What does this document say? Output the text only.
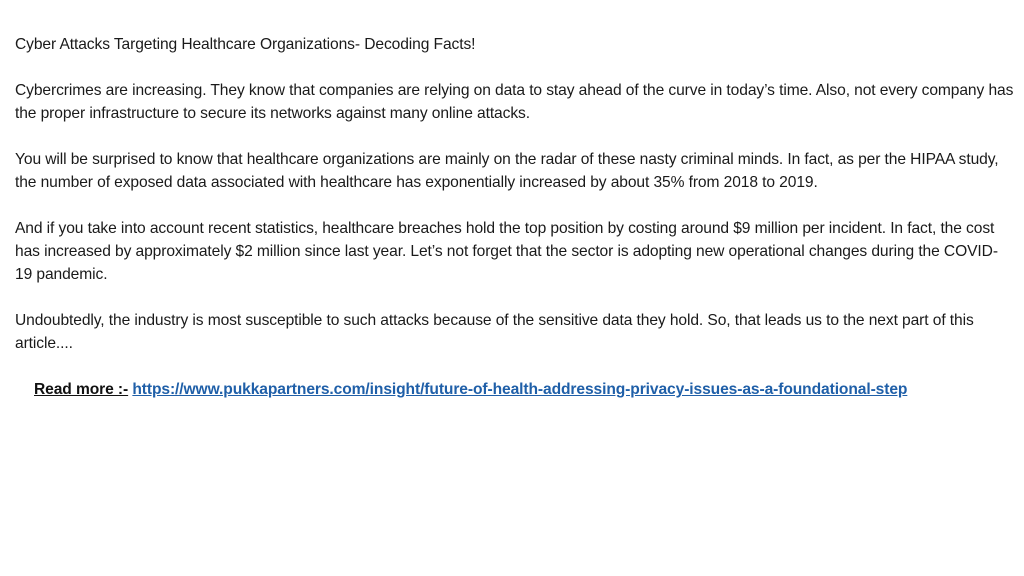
Cyber Attacks Targeting Healthcare Organizations- Decoding Facts!

Cybercrimes are increasing. They know that companies are relying on data to stay ahead of the curve in today’s time. Also, not every company has the proper infrastructure to secure its networks against many online attacks.

You will be surprised to know that healthcare organizations are mainly on the radar of these nasty criminal minds. In fact, as per the HIPAA study, the number of exposed data associated with healthcare has exponentially increased by about 35% from 2018 to 2019.

And if you take into account recent statistics, healthcare breaches hold the top position by costing around $9 million per incident. In fact, the cost has increased by approximately $2 million since last year. Let’s not forget that the sector is adopting new operational changes during the COVID-19 pandemic.

Undoubtedly, the industry is most susceptible to such attacks because of the sensitive data they hold. So, that leads us to the next part of this article....

Read more :- https://www.pukkapartners.com/insight/future-of-health-addressing-privacy-issues-as-a-foundational-step
